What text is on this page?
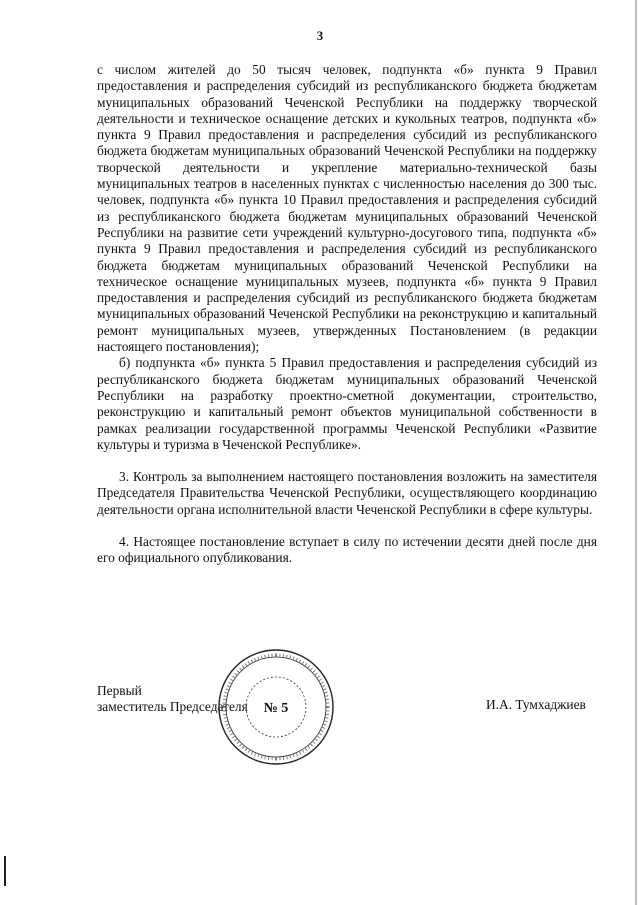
3

с числом жителей до 50 тысяч человек, подпункта «б» пункта 9 Правил предоставления и распределения субсидий из республиканского бюджета бюджетам муниципальных образований Чеченской Республики на поддержку творческой деятельности и техническое оснащение детских и кукольных театров, подпункта «б» пункта 9 Правил предоставления и распределения субсидий из республиканского бюджета бюджетам муниципальных образований Чеченской Республики на поддержку творческой деятельности и укрепление материально-технической базы муниципальных театров в населенных пунктах с численностью населения до 300 тыс. человек, подпункта «б» пункта 10 Правил предоставления и распределения субсидий из республиканского бюджета бюджетам муниципальных образований Чеченской Республики на развитие сети учреждений культурно-досугового типа, подпункта «б» пункта 9 Правил предоставления и распределения субсидий из республиканского бюджета бюджетам муниципальных образований Чеченской Республики на техническое оснащение муниципальных музеев, подпункта «б» пункта 9 Правил предоставления и распределения субсидий из республиканского бюджета бюджетам муниципальных образований Чеченской Республики на реконструкцию и капитальный ремонт муниципальных музеев, утвержденных Постановлением (в редакции настоящего постановления);

б) подпункта «б» пункта 5 Правил предоставления и распределения субсидий из республиканского бюджета бюджетам муниципальных образований Чеченской Республики на разработку проектно-сметной документации, строительство, реконструкцию и капитальный ремонт объектов муниципальной собственности в рамках реализации государственной программы Чеченской Республики «Развитие культуры и туризма в Чеченской Республике».

3. Контроль за выполнением настоящего постановления возложить на заместителя Председателя Правительства Чеченской Республики, осуществляющего координацию деятельности органа исполнительной власти Чеченской Республики в сфере культуры.

4. Настоящее постановление вступает в силу по истечении десяти дней после дня его официального опубликования.

Первый
заместитель Председателя	И.А. Тумхаджиев
№ 5
